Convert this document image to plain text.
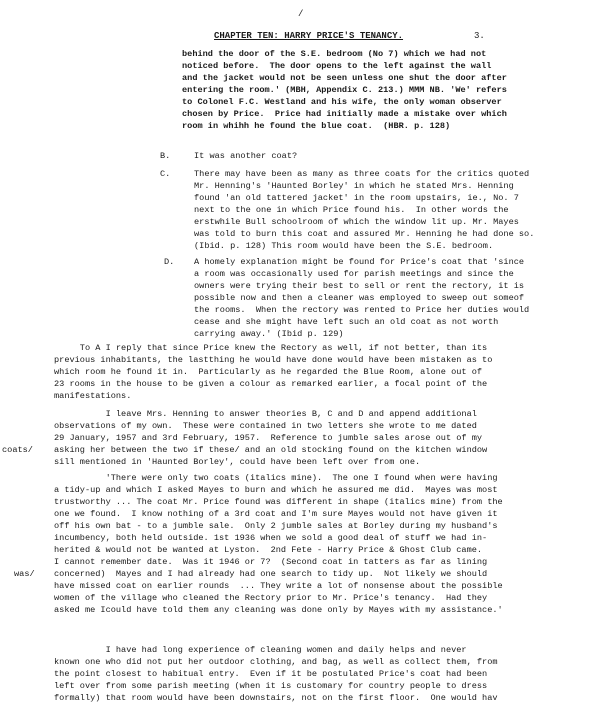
/
CHAPTER TEN: HARRY PRICE'S TENANCY.	3.
behind the door of the S.E. bedroom (No 7) which we had not
noticed before.  The door opens to the left against the wall
and the jacket would not be seen unless one shut the door after
entering the room.' (MBH, Appendix C. 213.) MMM NB. 'We' refers
to Colonel F.C. Westland and his wife, the only woman observer
chosen by Price.  Price had initially made a mistake over which
room in whihh he found the blue coat.  (HBR. p. 128)
B.	It was another coat?
C.	There may have been as many as three coats for the critics quoted
Mr. Henning's 'Haunted Borley' in which he stated Mrs. Henning
found 'an old tattered jacket' in the room upstairs, ie., No. 7
next to the one in which Price found his.  In other words the
erstwhile Bull schoolroom of which the window lit up. Mr. Mayes
was told to burn this coat and assured Mr. Henning he had done so.
(Ibid. p. 128) This room would have been the S.E. bedroom.
D. A homely explanation might be found for Price's coat that 'since
a room was occasionally used for parish meetings and since the
owners were trying their best to sell or rent the rectory, it is
possible now and then a cleaner was employed to sweep out someof
the rooms.  When the rectory was rented to Price her duties would
cease and she might have left such an old coat as not worth
carrying away.' (Ibid p. 129)
To A I reply that since Price knew the Rectory as well, if not better, than its
previous inhabitants, the lastthing he would have done would have been mistaken as to
which room he found it in.  Particularly as he regarded the Blue Room, alone out of
23 rooms in the house to be given a colour as remarked earlier, a focal point of the
manifestations.
I leave Mrs. Henning to answer theories B, C and D and append additional
observations of my own.  These were contained in two letters she wrote to me dated
29 January, 1957 and 3rd February, 1957.  Reference to jumble sales arose out of my
asking her between the two if these/ and an old stocking found on the kitchen window
sill mentioned in 'Haunted Borley', could have been left over from one.
coats/
'There were only two coats (italics mine).  The one I found when were having
a tidy-up and which I asked Mayes to burn and which he assured me did.  Mayes was most
trustworthy ... The coat Mr. Price found was different in shape (italics mine) from the
one we found.  I know nothing of a 3rd coat and I'm sure Mayes would not have given it
off his own bat - to a jumble sale.  Only 2 jumble sales at Borley during my husband's
incumbency, both held outside. 1st 1936 when we sold a good deal of stuff we had in-
herited & would not be wanted at Lyston.  2nd Fete - Harry Price & Ghost Club came.
I cannot remember date.  Was it 1946 or 7?  (Second coat in tatters as far as lining
concerned)  Mayes and I had already had one search to tidy up.  Not likely we should
have missed coat on earlier rounds  ... They write a lot of nonsense about the possible
women of the village who cleaned the Rectory prior to Mr. Price's tenancy.  Had they
asked me Icould have told them any cleaning was done only by Mayes with my assistance.'
was/
I have had long experience of cleaning women and daily helps and never
known one who did not put her outdoor clothing, and bag, as well as collect them, from
the point closest to habitual entry.  Even if it be postulated Price's coat had been
left over from some parish meeting (when it is customary for country people to dress
formally) that room would have been downstairs, not on the first floor.  One would hav
